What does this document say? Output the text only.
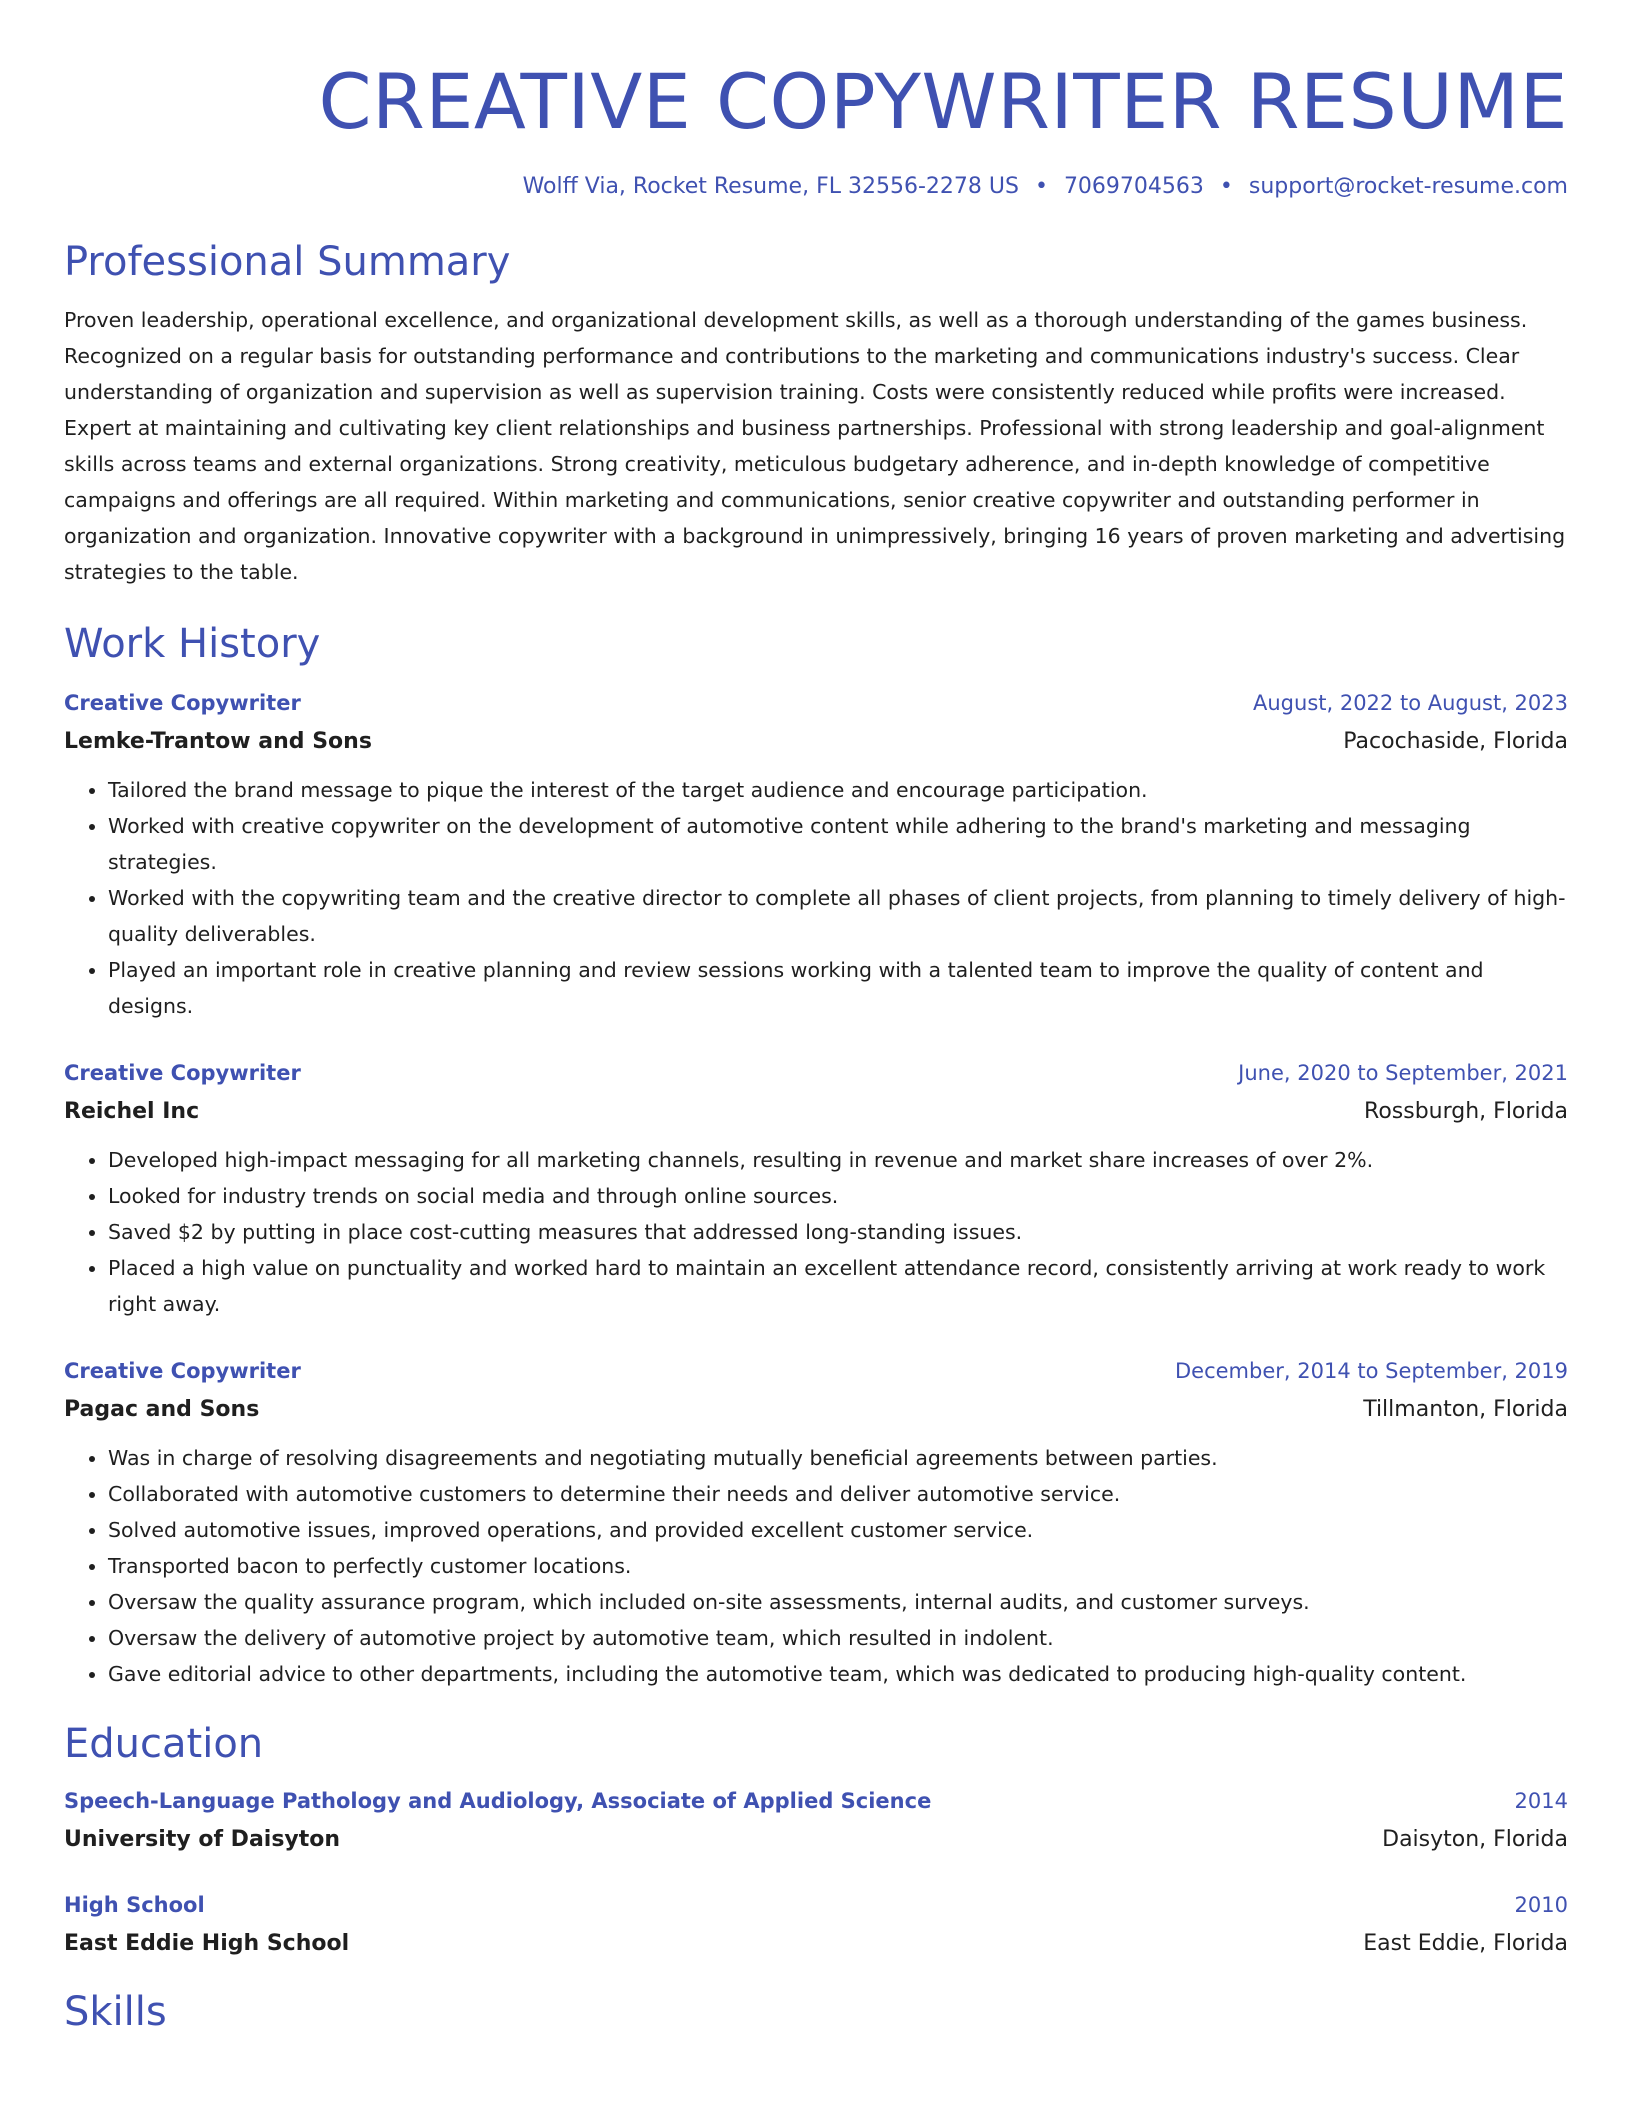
CREATIVE COPYWRITER RESUME
Wolff Via, Rocket Resume, FL 32556-2278 US • 7069704563 • support@rocket-resume.com
Professional Summary
Proven leadership, operational excellence, and organizational development skills, as well as a thorough understanding of the games business. Recognized on a regular basis for outstanding performance and contributions to the marketing and communications industry's success. Clear understanding of organization and supervision as well as supervision training. Costs were consistently reduced while profits were increased. Expert at maintaining and cultivating key client relationships and business partnerships. Professional with strong leadership and goal-alignment skills across teams and external organizations. Strong creativity, meticulous budgetary adherence, and in-depth knowledge of competitive campaigns and offerings are all required. Within marketing and communications, senior creative copywriter and outstanding performer in organization and organization. Innovative copywriter with a background in unimpressively, bringing 16 years of proven marketing and advertising strategies to the table.
Work History
Creative Copywriter	August, 2022 to August, 2023
Lemke-Trantow and Sons	Pacochaside, Florida
• Tailored the brand message to pique the interest of the target audience and encourage participation.
• Worked with creative copywriter on the development of automotive content while adhering to the brand's marketing and messaging strategies.
• Worked with the copywriting team and the creative director to complete all phases of client projects, from planning to timely delivery of high-quality deliverables.
• Played an important role in creative planning and review sessions working with a talented team to improve the quality of content and designs.
Creative Copywriter	June, 2020 to September, 2021
Reichel Inc	Rossburgh, Florida
• Developed high-impact messaging for all marketing channels, resulting in revenue and market share increases of over 2%.
• Looked for industry trends on social media and through online sources.
• Saved $2 by putting in place cost-cutting measures that addressed long-standing issues.
• Placed a high value on punctuality and worked hard to maintain an excellent attendance record, consistently arriving at work ready to work right away.
Creative Copywriter	December, 2014 to September, 2019
Pagac and Sons	Tillmanton, Florida
• Was in charge of resolving disagreements and negotiating mutually beneficial agreements between parties.
• Collaborated with automotive customers to determine their needs and deliver automotive service.
• Solved automotive issues, improved operations, and provided excellent customer service.
• Transported bacon to perfectly customer locations.
• Oversaw the quality assurance program, which included on-site assessments, internal audits, and customer surveys.
• Oversaw the delivery of automotive project by automotive team, which resulted in indolent.
• Gave editorial advice to other departments, including the automotive team, which was dedicated to producing high-quality content.
Education
Speech-Language Pathology and Audiology, Associate of Applied Science	2014
University of Daisyton	Daisyton, Florida
High School	2010
East Eddie High School	East Eddie, Florida
Skills
